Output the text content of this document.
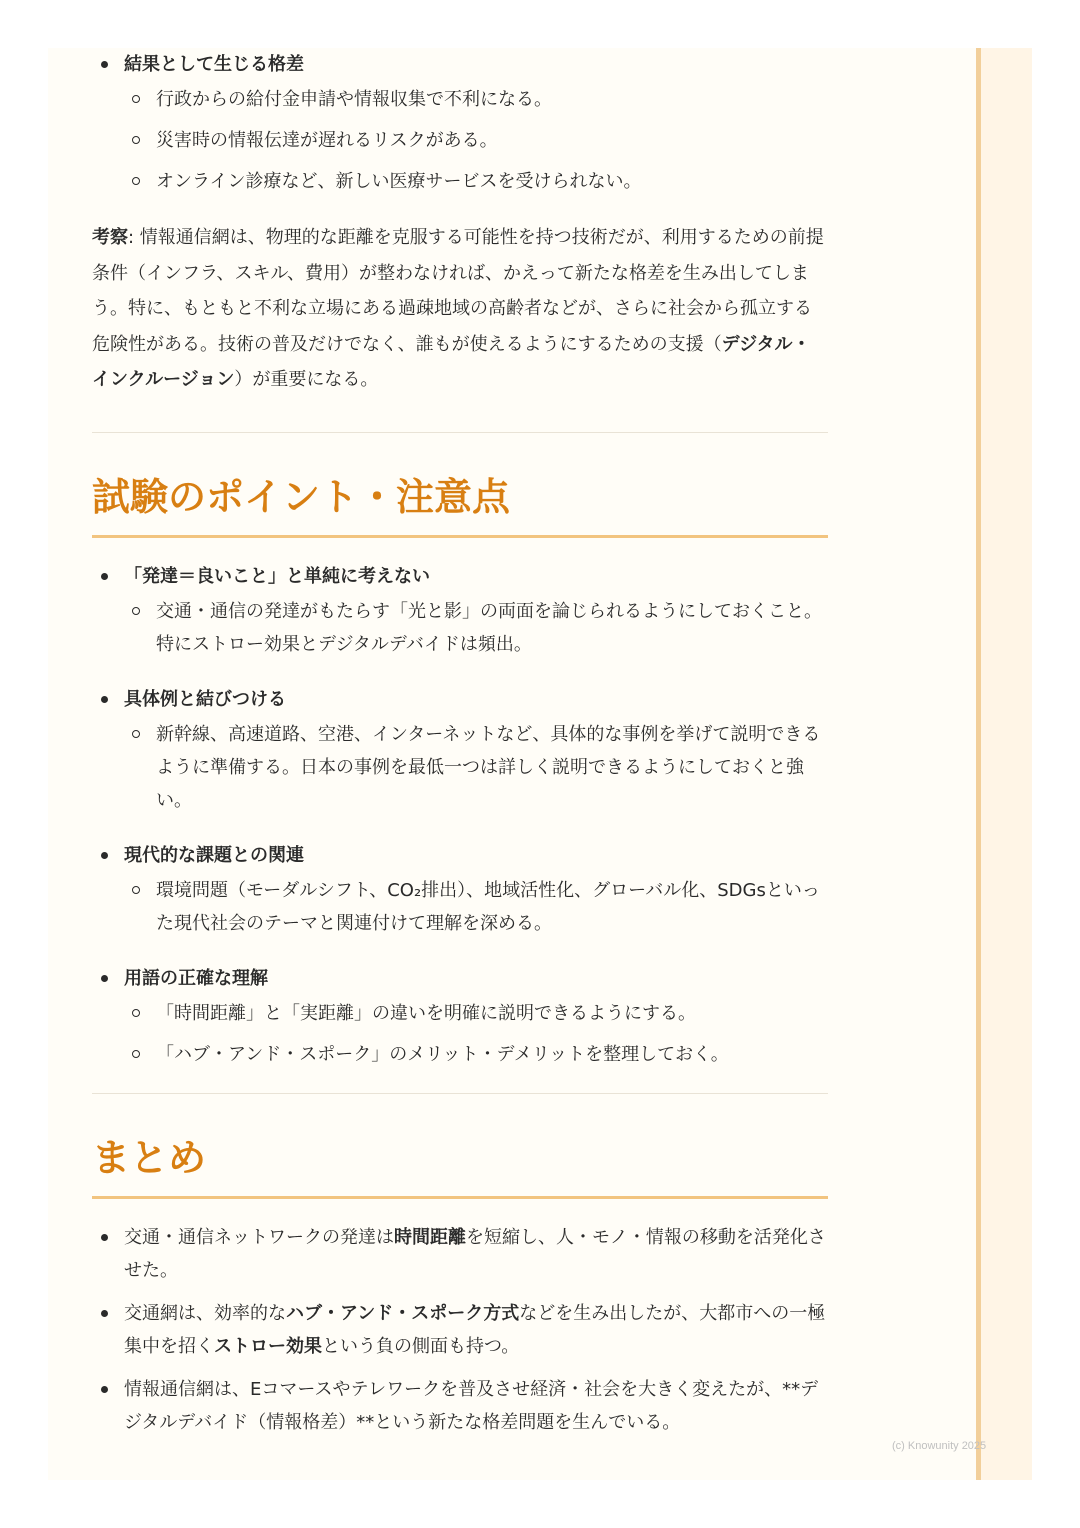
結果として生じる格差
行政からの給付金申請や情報収集で不利になる。
災害時の情報伝達が遅れるリスクがある。
オンライン診療など、新しい医療サービスを受けられない。

考察: 情報通信網は、物理的な距離を克服する可能性を持つ技術だが、利用するための前提条件（インフラ、スキル、費用）が整わなければ、かえって新たな格差を生み出してしまう。特に、もともと不利な立場にある過疎地域の高齢者などが、さらに社会から孤立する危険性がある。技術の普及だけでなく、誰もが使えるようにするための支援（デジタル・インクルージョン）が重要になる。

試験のポイント・注意点
「発達＝良いこと」と単純に考えない
交通・通信の発達がもたらす「光と影」の両面を論じられるようにしておくこと。特にストロー効果とデジタルデバイドは頻出。
具体例と結びつける
新幹線、高速道路、空港、インターネットなど、具体的な事例を挙げて説明できるように準備する。日本の事例を最低一つは詳しく説明できるようにしておくと強い。
現代的な課題との関連
環境問題（モーダルシフト、CO₂排出）、地域活性化、グローバル化、SDGsといった現代社会のテーマと関連付けて理解を深める。
用語の正確な理解
「時間距離」と「実距離」の違いを明確に説明できるようにする。
「ハブ・アンド・スポーク」のメリット・デメリットを整理しておく。
まとめ
交通・通信ネットワークの発達は時間距離を短縮し、人・モノ・情報の移動を活発化させた。
交通網は、効率的なハブ・アンド・スポーク方式などを生み出したが、大都市への一極集中を招くストロー効果という負の側面も持つ。
情報通信網は、Eコマースやテレワークを普及させ経済・社会を大きく変えたが、**デジタルデバイド（情報格差）**という新たな格差問題を生んでいる。
(c) Knowunity 2025
